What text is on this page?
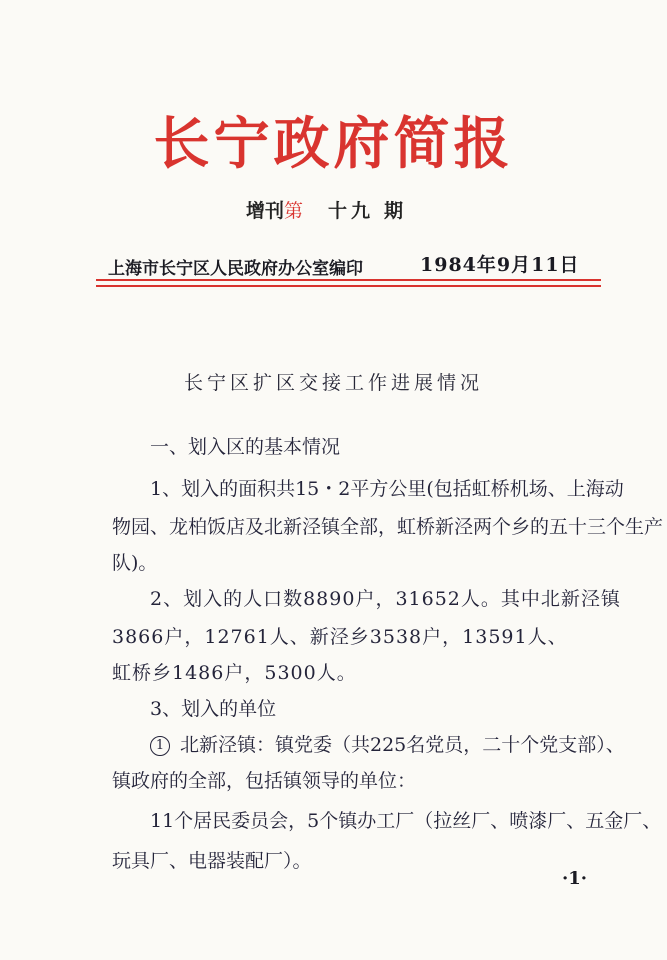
长宁政府简报
增刊第 十九 期
上海市长宁区人民政府办公室编印	1984年9月11日
长宁区扩区交接工作进展情况
一、划入区的基本情况
1、划入的面积共15・2平方公里(包括虹桥机场、上海动
物园、龙柏饭店及北新泾镇全部，虹桥新泾两个乡的五十三个生产
队)。
2、划入的人口数8890户，31652人。其中北新泾镇
3866户，12761人、新泾乡3538户，13591人、
虹桥乡1486户，5300人。
3、划入的单位
1 北新泾镇：镇党委（共225名党员，二十个党支部）、
镇政府的全部，包括镇领导的单位：
11个居民委员会，5个镇办工厂（拉丝厂、喷漆厂、五金厂、
玩具厂、电器装配厂）。
·1·
